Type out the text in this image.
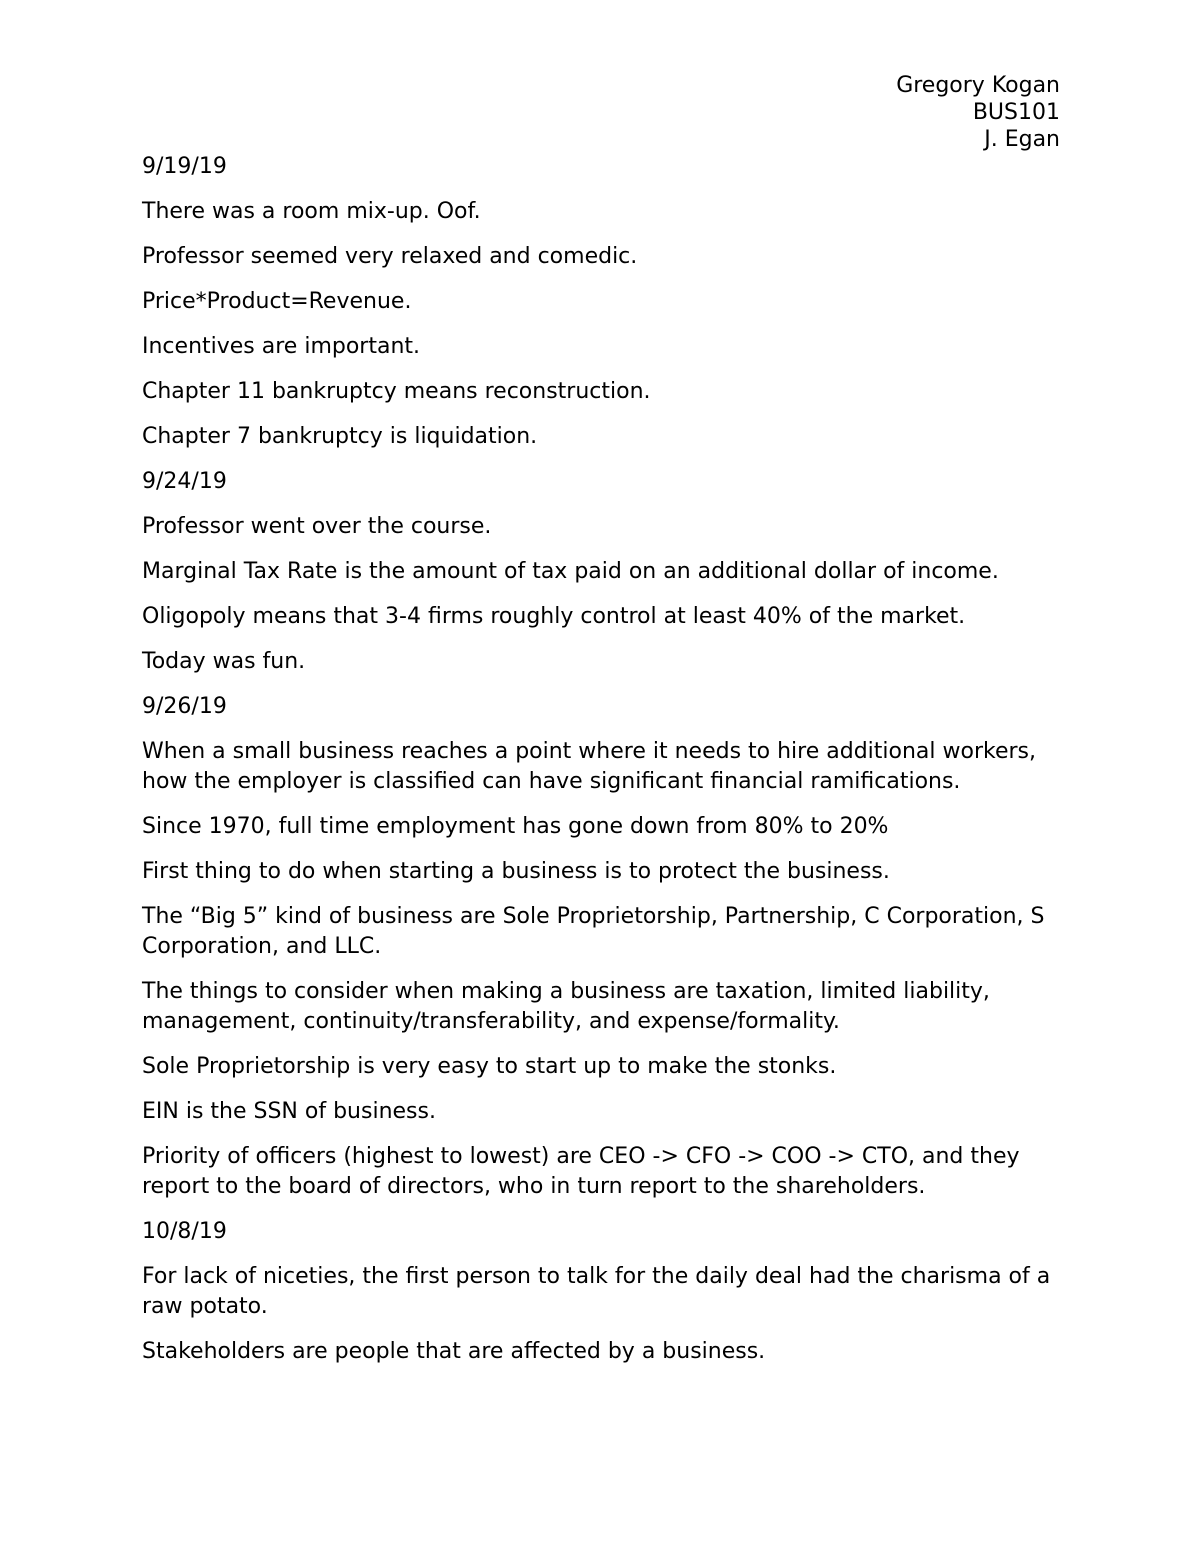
Gregory Kogan
BUS101
J. Egan

9/19/19

There was a room mix-up. Oof.

Professor seemed very relaxed and comedic.

Price*Product=Revenue.

Incentives are important.

Chapter 11 bankruptcy means reconstruction.

Chapter 7 bankruptcy is liquidation.

9/24/19

Professor went over the course.

Marginal Tax Rate is the amount of tax paid on an additional dollar of income.

Oligopoly means that 3-4 firms roughly control at least 40% of the market.

Today was fun.

9/26/19

When a small business reaches a point where it needs to hire additional workers, how the employer is classified can have significant financial ramifications.

Since 1970, full time employment has gone down from 80% to 20%

First thing to do when starting a business is to protect the business.

The “Big 5” kind of business are Sole Proprietorship, Partnership, C Corporation, S Corporation, and LLC.

The things to consider when making a business are taxation, limited liability, management, continuity/transferability, and expense/formality.

Sole Proprietorship is very easy to start up to make the stonks.

EIN is the SSN of business.

Priority of officers (highest to lowest) are CEO -> CFO -> COO -> CTO, and they report to the board of directors, who in turn report to the shareholders.

10/8/19

For lack of niceties, the first person to talk for the daily deal had the charisma of a raw potato.

Stakeholders are people that are affected by a business.
